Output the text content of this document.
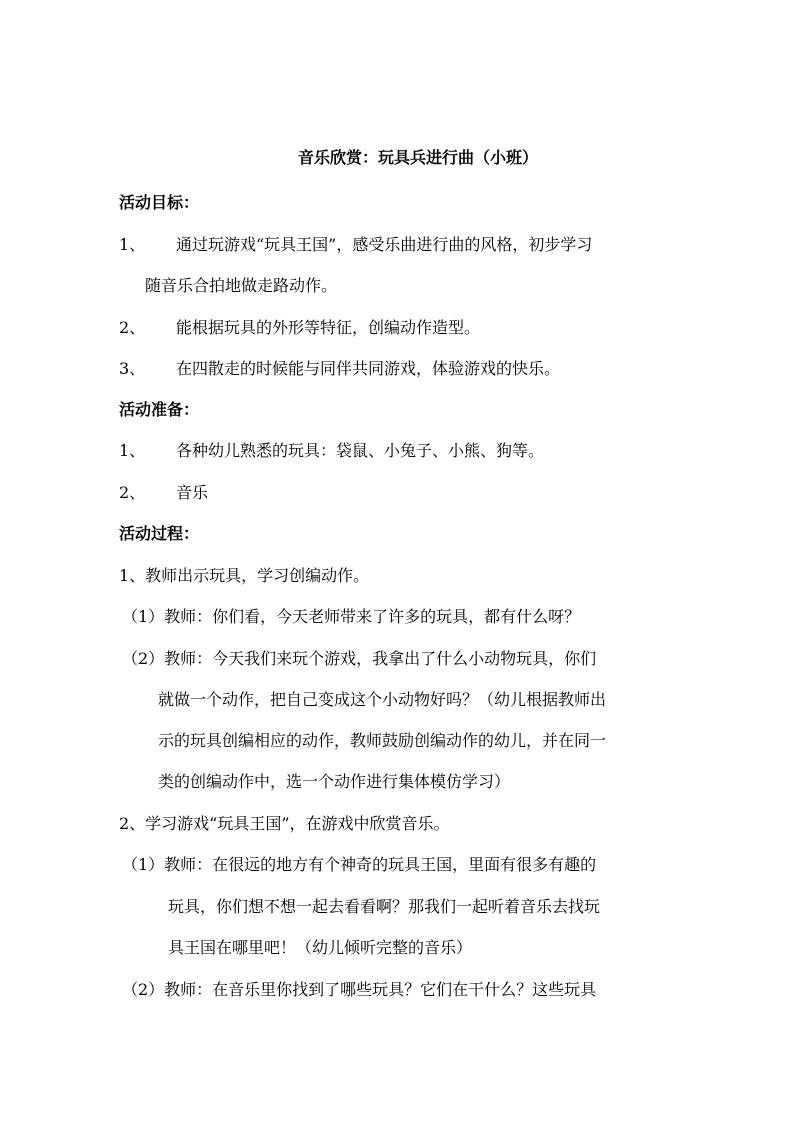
音乐欣赏：玩具兵进行曲（小班）
活动目标：
1、 通过玩游戏“玩具王国”，感受乐曲进行曲的风格，初步学习
随音乐合拍地做走路动作。
2、 能根据玩具的外形等特征，创编动作造型。
3、 在四散走的时候能与同伴共同游戏，体验游戏的快乐。
活动准备：
1、 各种幼儿熟悉的玩具：袋鼠、小兔子、小熊、狗等。
2、 音乐
活动过程：
1、教师出示玩具，学习创编动作。
（1）教师：你们看，今天老师带来了许多的玩具，都有什么呀？
（2）教师：今天我们来玩个游戏，我拿出了什么小动物玩具，你们
就做一个动作，把自己变成这个小动物好吗？（幼儿根据教师出
示的玩具创编相应的动作，教师鼓励创编动作的幼儿，并在同一
类的创编动作中，选一个动作进行集体模仿学习）
2、学习游戏“玩具王国”，在游戏中欣赏音乐。
（1）教师：在很远的地方有个神奇的玩具王国，里面有很多有趣的
玩具，你们想不想一起去看看啊？那我们一起听着音乐去找玩
具王国在哪里吧！（幼儿倾听完整的音乐）
（2）教师：在音乐里你找到了哪些玩具？它们在干什么？这些玩具
